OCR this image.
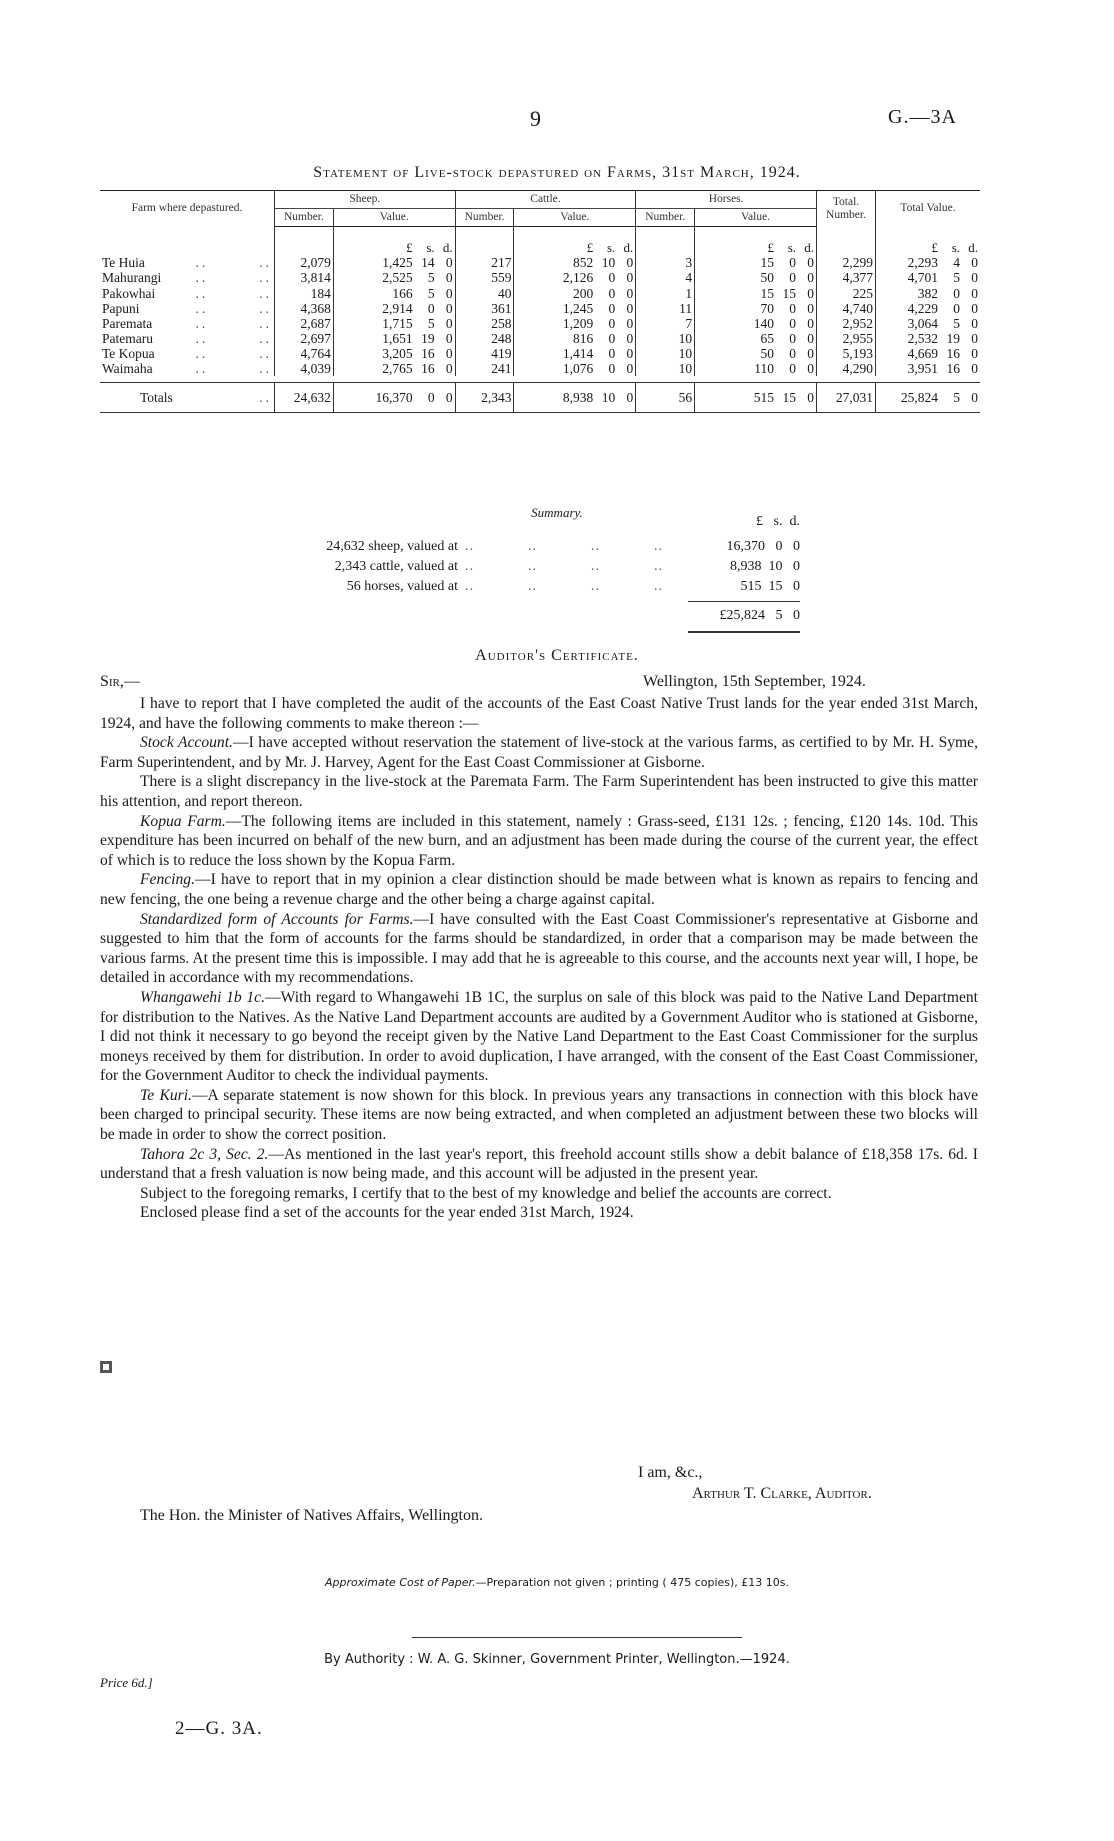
9	G.—3A
Statement of Live-stock depastured on Farms, 31st March, 1924.
Farm where depastured.	Sheep.		Cattle.		Horses.		Total. Number.	Total Value.
	Number.	Value.	Number.	Value.	Number.	Value.		
		£ s. d.		£ s. d.		£ s. d.		£ s. d.
Te Huia ..        ..	2,079	1,425 14 0	217	852 10 0	3	15 0 0	2,299	2,293 4 0
Mahurangi ..        ..	3,814	2,525 5 0	559	2,126 0 0	4	50 0 0	4,377	4,701 5 0
Pakowhai ..        ..	184	166 5 0	40	200 0 0	1	15 15 0	225	382 0 0
Papuni ..        ..	4,368	2,914 0 0	361	1,245 0 0	11	70 0 0	4,740	4,229 0 0
Paremata ..        ..	2,687	1,715 5 0	258	1,209 0 0	7	140 0 0	2,952	3,064 5 0
Patemaru ..        ..	2,697	1,651 19 0	248	816 0 0	10	65 0 0	2,955	2,532 19 0
Te Kopua ..        ..	4,764	3,205 16 0	419	1,414 0 0	10	50 0 0	5,193	4,669 16 0
Waimaha ..        ..	4,039	2,765 16 0	241	1,076 0 0	10	110 0 0	4,290	3,951 16 0

Totals ..	24,632	16,370 0 0	2,343	8,938 10 0	56	515 15 0	27,031	25,824 5 0
Summary.
£   s.  d.
24,632 sheep, valued at ..            ..            ..            ..	16,370   0   0
2,343 cattle, valued at ..            ..            ..            ..	8,938  10   0
56 horses, valued at ..            ..            ..            ..	515  15   0
£25,824   5   0
Auditor's Certificate.
Sir,—	Wellington, 15th September, 1924.

I have to report that I have completed the audit of the accounts of the East Coast Native Trust lands for the year ended 31st March, 1924, and have the following comments to make thereon :—

Stock Account.—I have accepted without reservation the statement of live-stock at the various farms, as certified to by Mr. H. Syme, Farm Superintendent, and by Mr. J. Harvey, Agent for the East Coast Commissioner at Gisborne.

There is a slight discrepancy in the live-stock at the Paremata Farm. The Farm Superintendent has been instructed to give this matter his attention, and report thereon.

Kopua Farm.—The following items are included in this statement, namely : Grass-seed, £131 12s. ; fencing, £120 14s. 10d. This expenditure has been incurred on behalf of the new burn, and an adjustment has been made during the course of the current year, the effect of which is to reduce the loss shown by the Kopua Farm.

Fencing.—I have to report that in my opinion a clear distinction should be made between what is known as repairs to fencing and new fencing, the one being a revenue charge and the other being a charge against capital.

Standardized form of Accounts for Farms.—I have consulted with the East Coast Commissioner's representative at Gisborne and suggested to him that the form of accounts for the farms should be standardized, in order that a comparison may be made between the various farms. At the present time this is impossible. I may add that he is agreeable to this course, and the accounts next year will, I hope, be detailed in accordance with my recommendations.

Whangawehi 1b 1c.—With regard to Whangawehi 1B 1C, the surplus on sale of this block was paid to the Native Land Department for distribution to the Natives. As the Native Land Department accounts are audited by a Government Auditor who is stationed at Gisborne, I did not think it necessary to go beyond the receipt given by the Native Land Department to the East Coast Commissioner for the surplus moneys received by them for distribution. In order to avoid duplication, I have arranged, with the consent of the East Coast Commissioner, for the Government Auditor to check the individual payments.

Te Kuri.—A separate statement is now shown for this block. In previous years any transactions in connection with this block have been charged to principal security. These items are now being extracted, and when completed an adjustment between these two blocks will be made in order to show the correct position.

Tahora 2c 3, Sec. 2.—As mentioned in the last year's report, this freehold account stills show a debit balance of £18,358 17s. 6d. I understand that a fresh valuation is now being made, and this account will be adjusted in the present year.

Subject to the foregoing remarks, I certify that to the best of my knowledge and belief the accounts are correct.

Enclosed please find a set of the accounts for the year ended 31st March, 1924.

I am, &c.,
Arthur T. Clarke, Auditor.
The Hon. the Minister of Natives Affairs, Wellington.
Approximate Cost of Paper.—Preparation not given ; printing ( 475 copies), £13 10s.
By Authority : W. A. G. Skinner, Government Printer, Wellington.—1924.
Price 6d.]
2—G. 3A.
